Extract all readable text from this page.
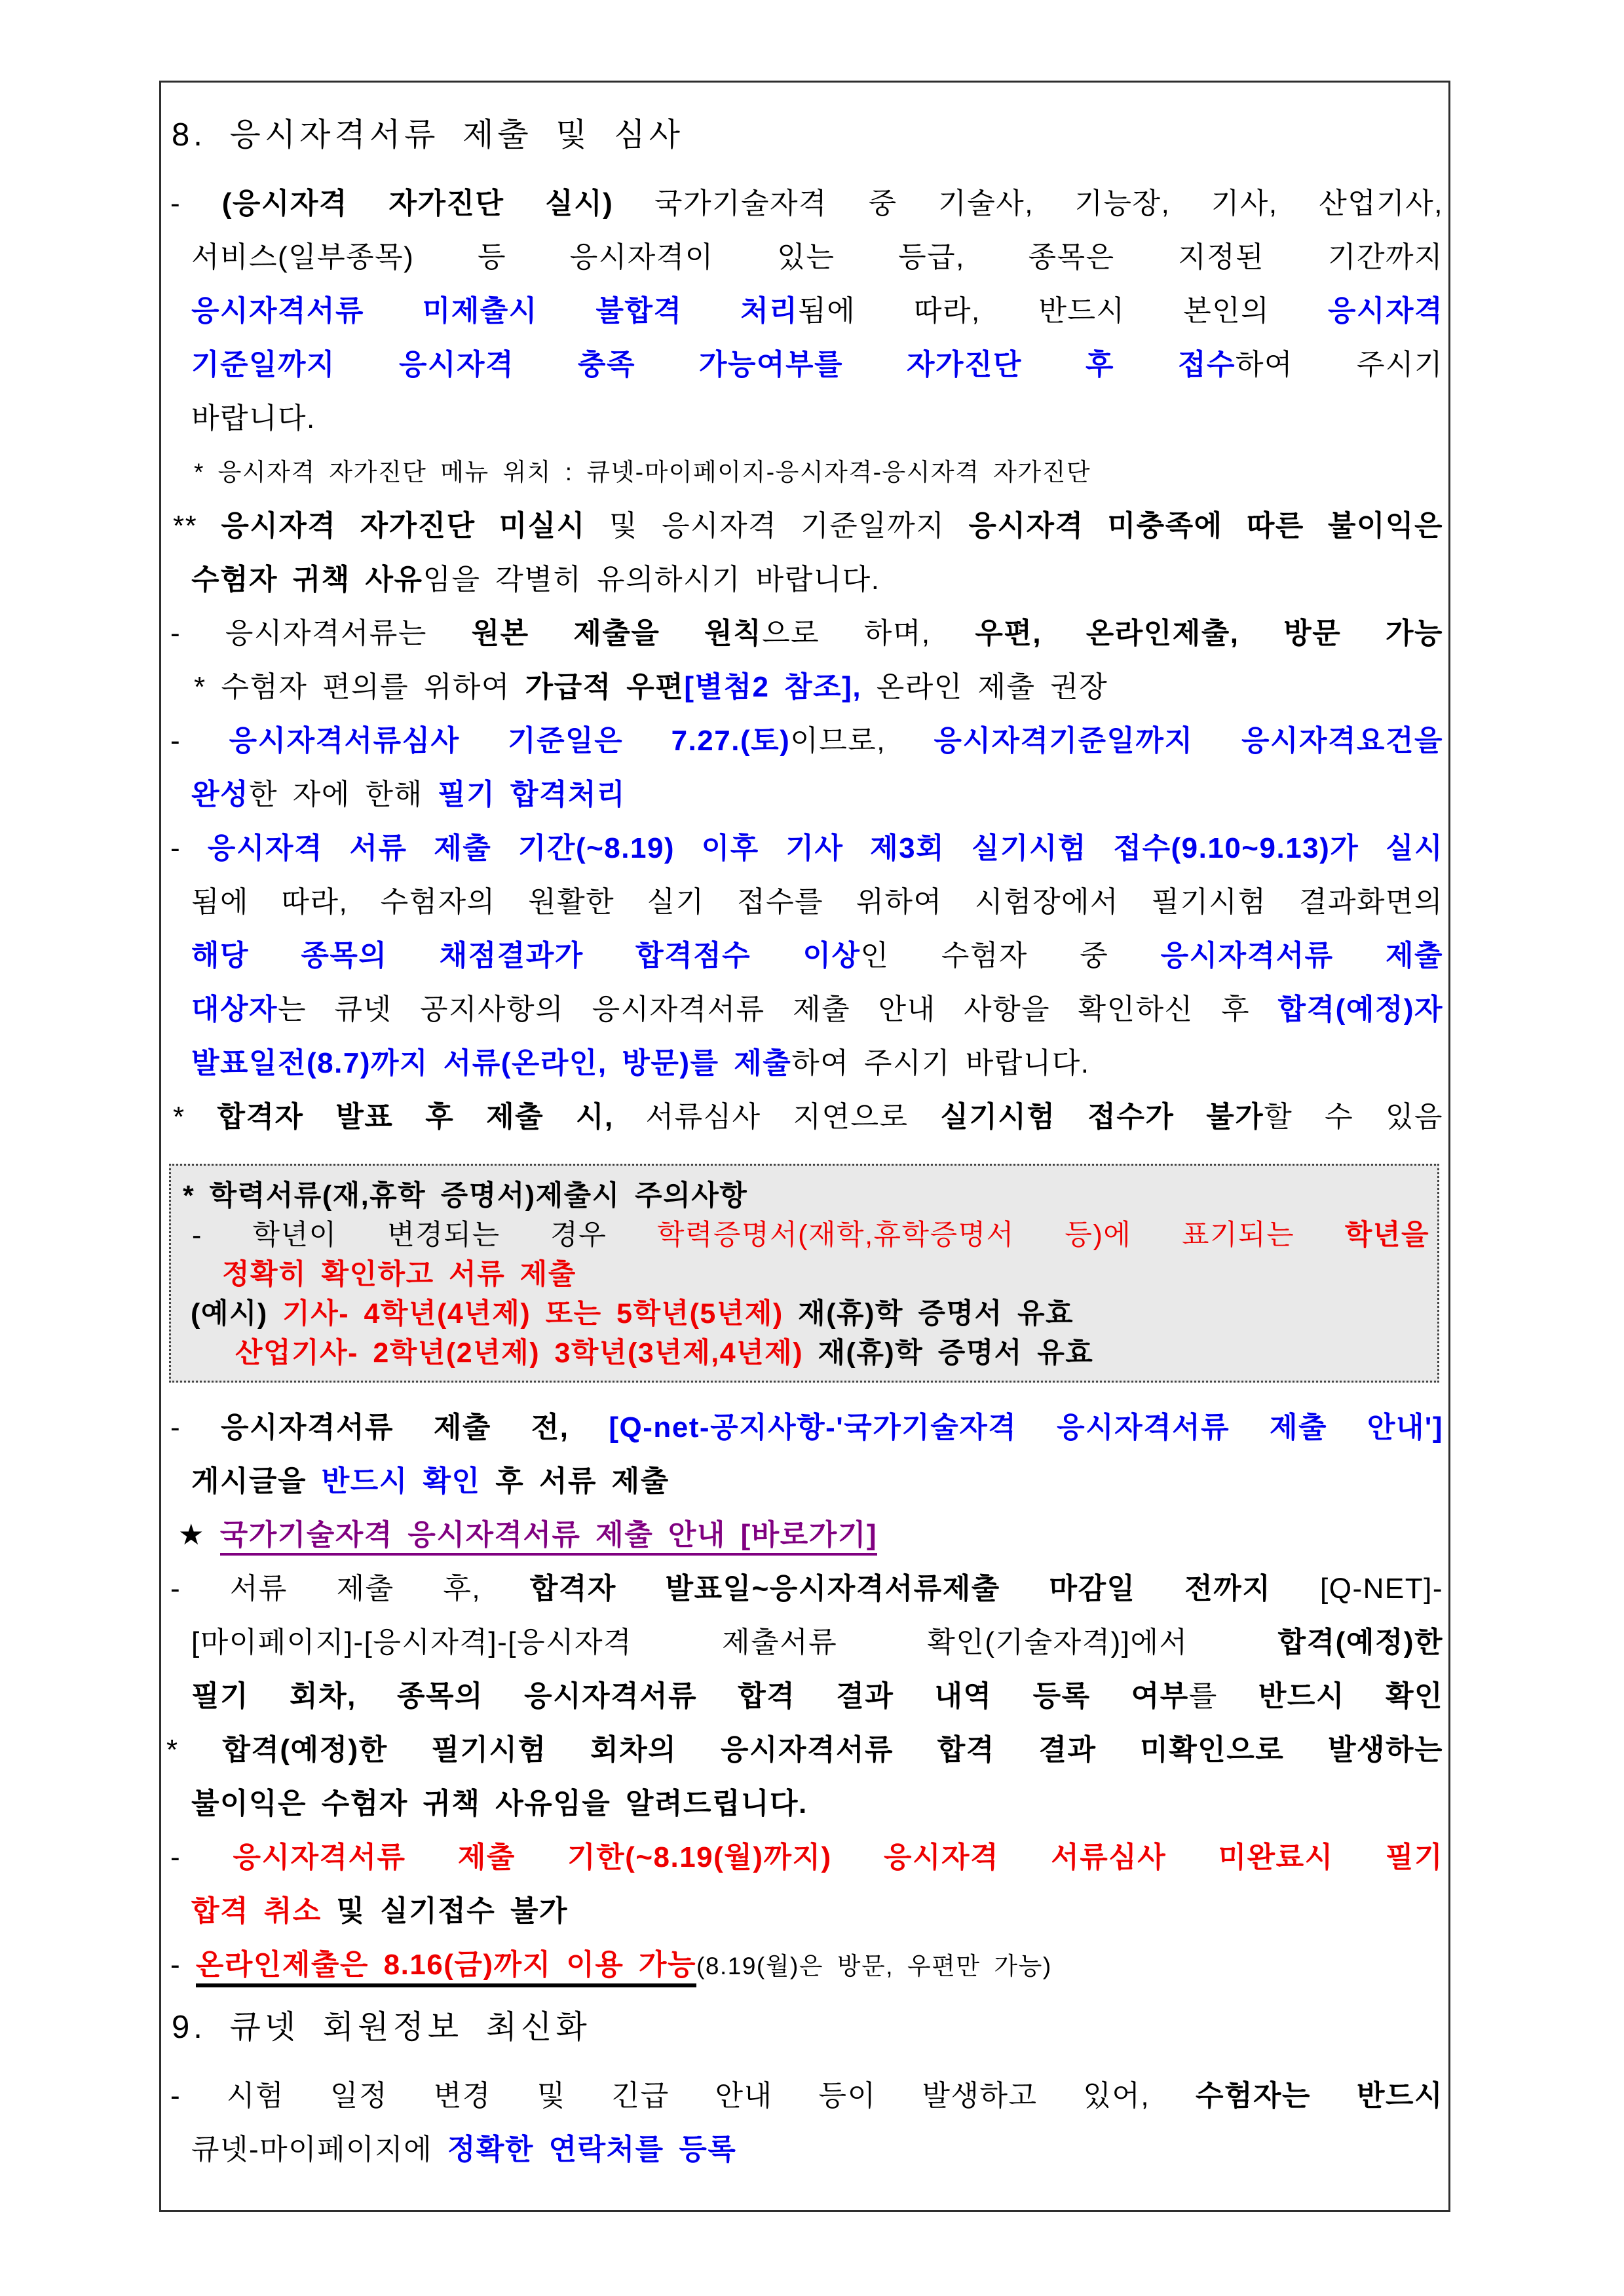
8. 응시자격서류 제출 및 심사
- (응시자격 자가진단 실시) 국가기술자격 중 기술사, 기능장, 기사, 산업기사,
서비스(일부종목) 등 응시자격이 있는 등급, 종목은 지정된 기간까지
응시자격서류 미제출시 불합격 처리됨에 따라, 반드시 본인의 응시자격
기준일까지 응시자격 충족 가능여부를 자가진단 후 접수하여 주시기
바랍니다.
* 응시자격 자가진단 메뉴 위치 : 큐넷-마이페이지-응시자격-응시자격 자가진단
** 응시자격 자가진단 미실시 및 응시자격 기준일까지 응시자격 미충족에 따른 불이익은
수험자 귀책 사유임을 각별히 유의하시기 바랍니다.
- 응시자격서류는 원본 제출을 원칙으로 하며, 우편, 온라인제출, 방문 가능
* 수험자 편의를 위하여 가급적 우편[별첨2 참조], 온라인 제출 권장
- 응시자격서류심사 기준일은 7.27.(토)이므로, 응시자격기준일까지 응시자격요건을
완성한 자에 한해 필기 합격처리
- 응시자격 서류 제출 기간(~8.19) 이후 기사 제3회 실기시험 접수(9.10~9.13)가 실시
됨에 따라, 수험자의 원활한 실기 접수를 위하여 시험장에서 필기시험 결과화면의
해당 종목의 채점결과가 합격점수 이상인 수험자 중 응시자격서류 제출
대상자는 큐넷 공지사항의 응시자격서류 제출 안내 사항을 확인하신 후 합격(예정)자
발표일전(8.7)까지 서류(온라인, 방문)를 제출하여 주시기 바랍니다.
* 합격자 발표 후 제출 시, 서류심사 지연으로 실기시험 접수가 불가할 수 있음
* 학력서류(재,휴학 증명서)제출시 주의사항
- 학년이 변경되는 경우 학력증명서(재학,휴학증명서 등)에 표기되는 학년을
정확히 확인하고 서류 제출
(예시) 기사- 4학년(4년제) 또는 5학년(5년제) 재(휴)학 증명서 유효
산업기사- 2학년(2년제) 3학년(3년제,4년제) 재(휴)학 증명서 유효
- 응시자격서류 제출 전, [Q-net-공지사항-'국가기술자격 응시자격서류 제출 안내']
게시글을 반드시 확인 후 서류 제출
★ 국가기술자격 응시자격서류 제출 안내 [바로가기]
- 서류 제출 후, 합격자 발표일~응시자격서류제출 마감일 전까지 [Q-NET]-
[마이페이지]-[응시자격]-[응시자격 제출서류 확인(기술자격)]에서 합격(예정)한
필기 회차, 종목의 응시자격서류 합격 결과 내역 등록 여부를 반드시 확인
* 합격(예정)한 필기시험 회차의 응시자격서류 합격 결과 미확인으로 발생하는
불이익은 수험자 귀책 사유임을 알려드립니다.
- 응시자격서류 제출 기한(~8.19(월)까지) 응시자격 서류심사 미완료시 필기
합격 취소 및 실기접수 불가
- 온라인제출은 8.16(금)까지 이용 가능(8.19(월)은 방문, 우편만 가능)
9. 큐넷 회원정보 최신화
- 시험 일정 변경 및 긴급 안내 등이 발생하고 있어, 수험자는 반드시
큐넷-마이페이지에 정확한 연락처를 등록
